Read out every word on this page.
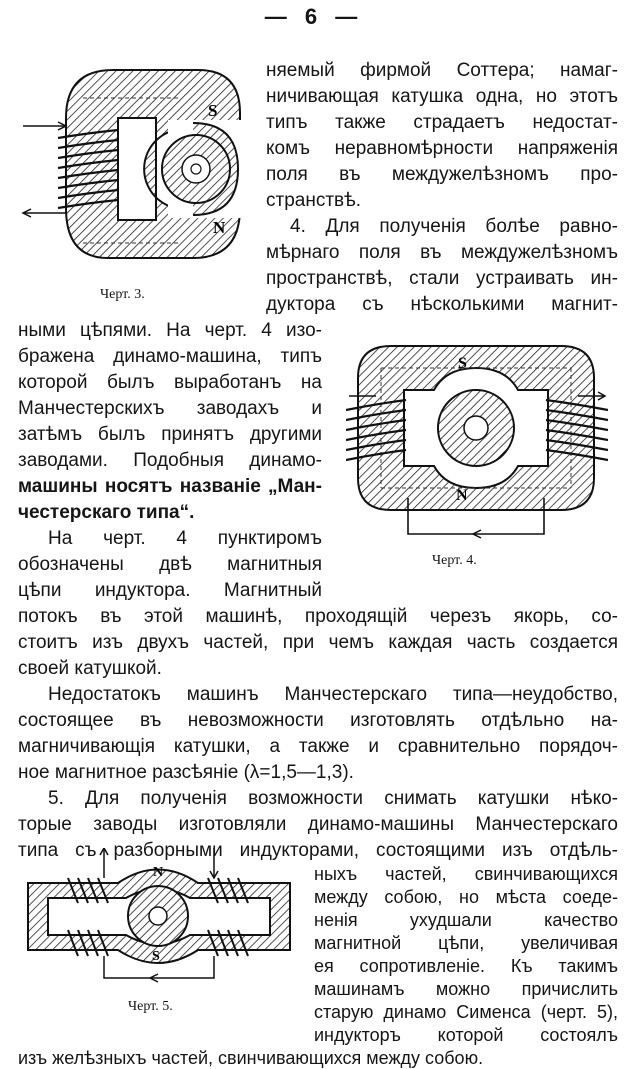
— 6 —
S
N
Черт. 3.
S
N
Черт. 4.
N
S
Черт. 5.
няемый фирмой Соттера; намаг-
ничивающая катушка одна, но этотъ
типъ также страдаетъ недостат-
комъ неравномѣрности напряженія
поля въ междужелѣзномъ про-
странствѣ.
4. Для полученія болѣе равно-
мѣрнаго поля въ междужелѣзномъ
пространствѣ, стали устраивать ин-
дуктора съ нѣсколькими магнит-
ными цѣпями. На черт. 4 изо-
бражена динамо-машина, типъ
которой былъ выработанъ на
Манчестерскихъ заводахъ и
затѣмъ былъ принятъ другими
заводами. Подобныя динамо-
машины носятъ названіе „Ман-
честерскаго типа“.
На черт. 4 пунктиромъ
обозначены двѣ магнитныя
цѣпи индуктора. Магнитный
потокъ въ этой машинѣ, проходящій черезъ якорь, со-
стоитъ изъ двухъ частей, при чемъ каждая часть создается
своей катушкой.
Недостатокъ машинъ Манчестерскаго типа—неудобство,
состоящее въ невозможности изготовлять отдѣльно на-
магничивающія катушки, а также и сравнительно порядоч-
ное магнитное разсѣяніе (λ=1,5—1,3).
5. Для полученія возможности снимать катушки нѣко-
торые заводы изготовляли динамо-машины Манчестерскаго
типа съ разборными индукторами, состоящими изъ отдѣль-
ныхъ частей, свинчивающихся
между собою, но мѣста соеде-
ненія ухудшали качество
магнитной цѣпи, увеличивая
ея сопротивленіе. Къ такимъ
машинамъ можно причислить
старую динамо Сименса (черт. 5),
индукторъ которой состоялъ
изъ желѣзныхъ частей, свинчивающихся между собою.
